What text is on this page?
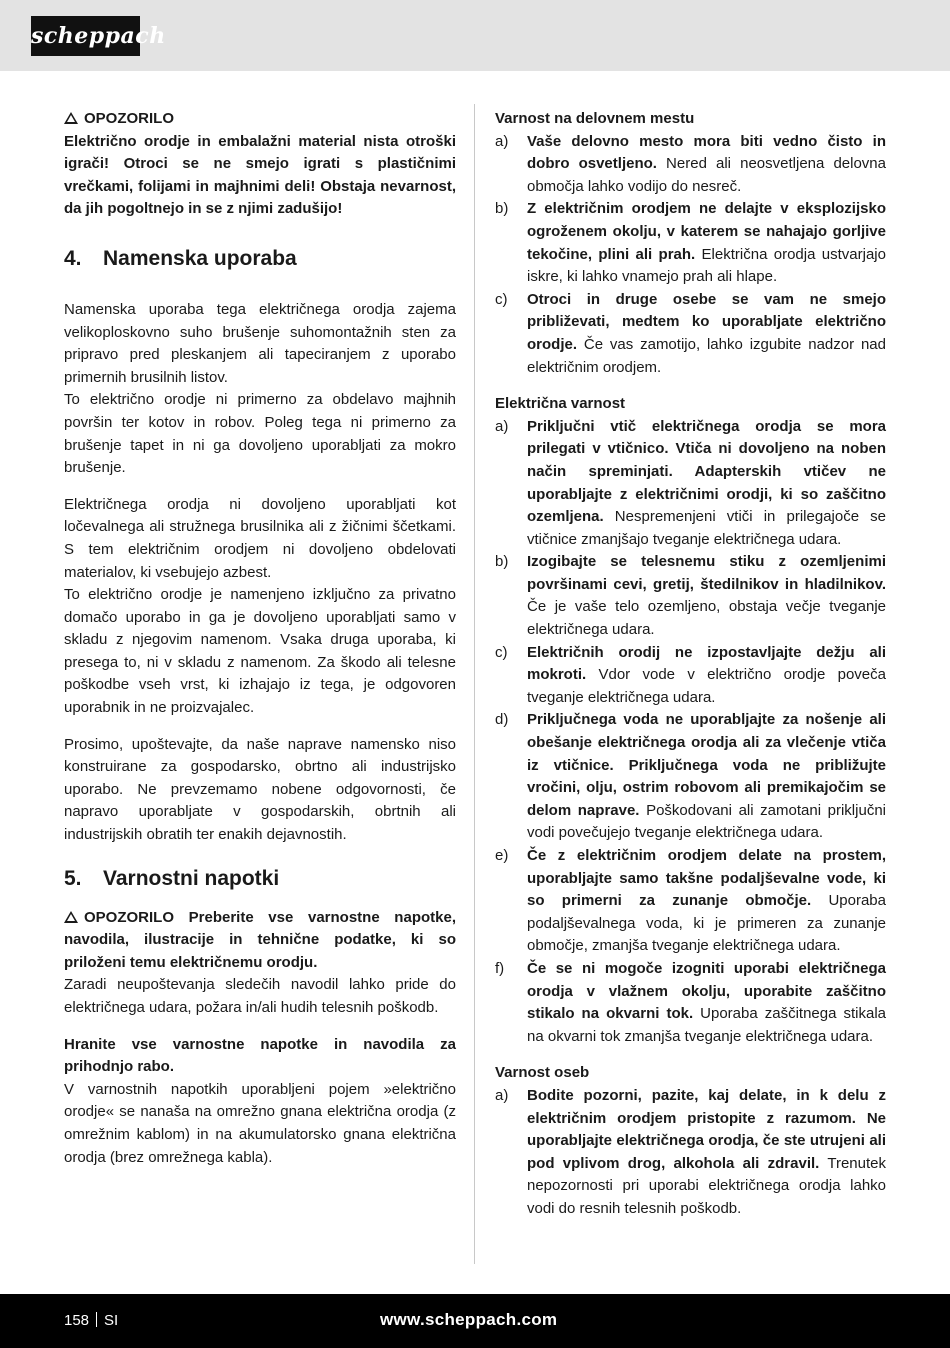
scheppach

OPOZORILO

Električno orodje in embalažni material nista otroški igrači! Otroci se ne smejo igrati s plastičnimi vrečkami, folijami in majhnimi deli! Obstaja nevarnost, da jih pogoltnejo in se z njimi zadušijo!

4. Namenska uporaba

Namenska uporaba tega električnega orodja zajema velikoploskovno suho brušenje suhomontažnih sten za pripravo pred pleskanjem ali tapeciranjem z uporabo primernih brusilnih listov.

To električno orodje ni primerno za obdelavo majhnih površin ter kotov in robov. Poleg tega ni primerno za brušenje tapet in ni ga dovoljeno uporabljati za mokro brušenje.

Električnega orodja ni dovoljeno uporabljati kot ločevalnega ali stružnega brusilnika ali z žičnimi ščetkami. S tem električnim orodjem ni dovoljeno obdelovati materialov, ki vsebujejo azbest.

To električno orodje je namenjeno izključno za privatno domačo uporabo in ga je dovoljeno uporabljati samo v skladu z njegovim namenom. Vsaka druga uporaba, ki presega to, ni v skladu z namenom. Za škodo ali telesne poškodbe vseh vrst, ki izhajajo iz tega, je odgovoren uporabnik in ne proizvajalec.

Prosimo, upoštevajte, da naše naprave namensko niso konstruirane za gospodarsko, obrtno ali industrijsko uporabo. Ne prevzemamo nobene odgovornosti, če napravo uporabljate v gospodarskih, obrtnih ali industrijskih obratih ter enakih dejavnostih.

5. Varnostni napotki

OPOZORILO Preberite vse varnostne napotke, navodila, ilustracije in tehnične podatke, ki so priloženi temu električnemu orodju.

Zaradi neupoštevanja sledečih navodil lahko pride do električnega udara, požara in/ali hudih telesnih poškodb.

Hranite vse varnostne napotke in navodila za prihodnjo rabo.

V varnostnih napotkih uporabljeni pojem »električno orodje« se nanaša na omrežno gnana električna orodja (z omrežnim kablom) in na akumulatorsko gnana električna orodja (brez omrežnega kabla).

Varnost na delovnem mestu

a)	Vaše delovno mesto mora biti vedno čisto in dobro osvetljeno. Nered ali neosvetljena delovna območja lahko vodijo do nesreč.
b)	Z električnim orodjem ne delajte v eksplozijsko ogroženem okolju, v katerem se nahajajo gorljive tekočine, plini ali prah. Električna orodja ustvarjajo iskre, ki lahko vnamejo prah ali hlape.
c)	Otroci in druge osebe se vam ne smejo približevati, medtem ko uporabljate električno orodje. Če vas zamotijo, lahko izgubite nadzor nad električnim orodjem.

Električna varnost

a)	Priključni vtič električnega orodja se mora prilegati v vtičnico. Vtiča ni dovoljeno na noben način spreminjati. Adapterskih vtičev ne uporabljajte z električnimi orodji, ki so zaščitno ozemljena. Nespremenjeni vtiči in prilegajoče se vtičnice zmanjšajo tveganje električnega udara.
b)	Izogibajte se telesnemu stiku z ozemljenimi površinami cevi, gretij, štedilnikov in hladilnikov. Če je vaše telo ozemljeno, obstaja večje tveganje električnega udara.
c)	Električnih orodij ne izpostavljajte dežju ali mokroti. Vdor vode v električno orodje poveča tveganje električnega udara.
d)	Priključnega voda ne uporabljajte za nošenje ali obešanje električnega orodja ali za vlečenje vtiča iz vtičnice. Priključnega voda ne približujte vročini, olju, ostrim robovom ali premikajočim se delom naprave. Poškodovani ali zamotani priključni vodi povečujejo tveganje električnega udara.
e)	Če z električnim orodjem delate na prostem, uporabljajte samo takšne podaljševalne vode, ki so primerni za zunanje območje. Uporaba podaljševalnega voda, ki je primeren za zunanje območje, zmanjša tveganje električnega udara.
f)	Če se ni mogoče izogniti uporabi električnega orodja v vlažnem okolju, uporabite zaščitno stikalo na okvarni tok. Uporaba zaščitnega stikala na okvarni tok zmanjša tveganje električnega udara.

Varnost oseb

a)	Bodite pozorni, pazite, kaj delate, in k delu z električnim orodjem pristopite z razumom. Ne uporabljajte električnega orodja, če ste utrujeni ali pod vplivom drog, alkohola ali zdravil. Trenutek nepozornosti pri uporabi električnega orodja lahko vodi do resnih telesnih poškodb.
158 SI	www.scheppach.com
